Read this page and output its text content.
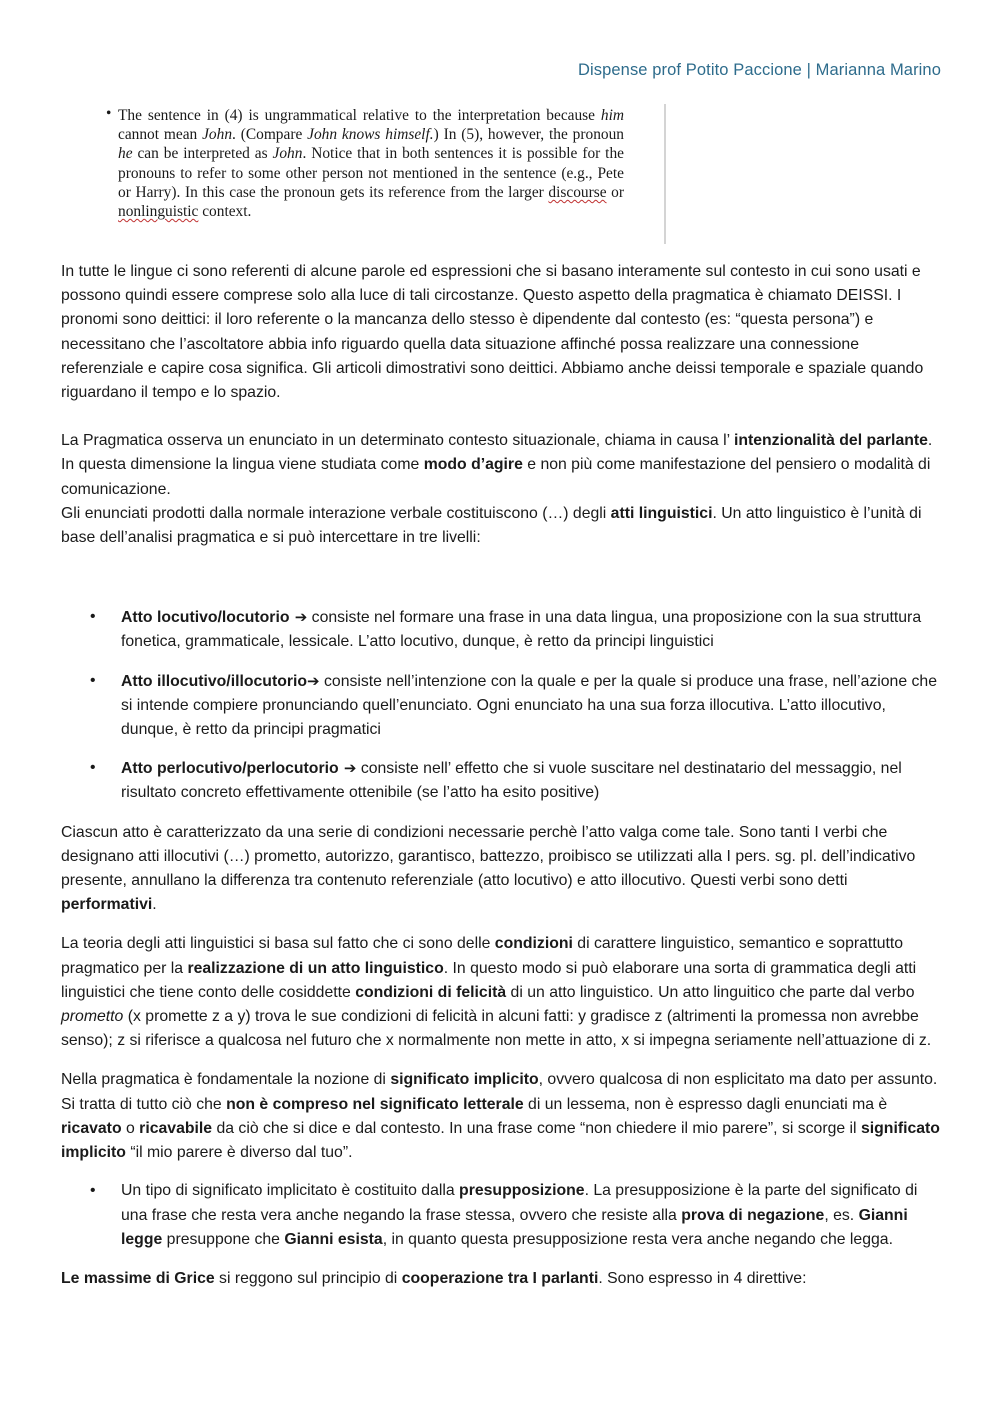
Dispense prof Potito Paccione | Marianna Marino
• The sentence in (4) is ungrammatical relative to the interpretation because him cannot mean John. (Compare John knows himself.) In (5), however, the pronoun he can be interpreted as John. Notice that in both sentences it is possible for the pronouns to refer to some other person not mentioned in the sentence (e.g., Pete or Harry). In this case the pronoun gets its reference from the larger discourse or nonlinguistic context.

In tutte le lingue ci sono referenti di alcune parole ed espressioni che si basano interamente sul contesto in cui sono usati e possono quindi essere comprese solo alla luce di tali circostanze. Questo aspetto della pragmatica è chiamato DEISSI. I pronomi sono deittici: il loro referente o la mancanza dello stesso è dipendente dal contesto (es: “questa persona”) e necessitano che l’ascoltatore abbia info riguardo quella data situazione affinché possa realizzare una connessione referenziale e capire cosa significa. Gli articoli dimostrativi sono deittici. Abbiamo anche deissi temporale e spaziale quando riguardano il tempo e lo spazio.

La Pragmatica osserva un enunciato in un determinato contesto situazionale, chiama in causa l’ intenzionalità del parlante. In questa dimensione la lingua viene studiata come modo d’agire e non più come manifestazione del pensiero o modalità di comunicazione.

Gli enunciati prodotti dalla normale interazione verbale costituiscono (…) degli atti linguistici. Un atto linguistico è l’unità di base dell’analisi pragmatica e si può intercettare in tre livelli:

• Atto locutivo/locutorio ➔ consiste nel formare una frase in una data lingua, una proposizione con la sua struttura fonetica, grammaticale, lessicale. L’atto locutivo, dunque, è retto da principi linguistici
• Atto illocutivo/illocutorio➔ consiste nell’intenzione con la quale e per la quale si produce una frase, nell’azione che si intende compiere pronunciando quell’enunciato. Ogni enunciato ha una sua forza illocutiva. L’atto illocutivo, dunque, è retto da principi pragmatici
• Atto perlocutivo/perlocutorio ➔ consiste nell’ effetto che si vuole suscitare nel destinatario del messaggio, nel risultato concreto effettivamente ottenibile (se l’atto ha esito positive)

Ciascun atto è caratterizzato da una serie di condizioni necessarie perchè l’atto valga come tale. Sono tanti I verbi che designano atti illocutivi (…) prometto, autorizzo, garantisco, battezzo, proibisco se utilizzati alla I pers. sg. pl. dell’indicativo presente, annullano la differenza tra contenuto referenziale (atto locutivo) e atto illocutivo. Questi verbi sono detti performativi.

La teoria degli atti linguistici si basa sul fatto che ci sono delle condizioni di carattere linguistico, semantico e soprattutto pragmatico per la realizzazione di un atto linguistico. In questo modo si può elaborare una sorta di grammatica degli atti linguistici che tiene conto delle cosiddette condizioni di felicità di un atto linguistico. Un atto linguitico che parte dal verbo prometto (x promette z a y) trova le sue condizioni di felicità in alcuni fatti: y gradisce z (altrimenti la promessa non avrebbe senso); z si riferisce a qualcosa nel futuro che x normalmente non mette in atto, x si impegna seriamente nell’attuazione di z.

Nella pragmatica è fondamentale la nozione di significato implicito, ovvero qualcosa di non esplicitato ma dato per assunto. Si tratta di tutto ciò che non è compreso nel significato letterale di un lessema, non è espresso dagli enunciati ma è ricavato o ricavabile da ciò che si dice e dal contesto. In una frase come “non chiedere il mio parere”, si scorge il significato implicito “il mio parere è diverso dal tuo”.

• Un tipo di significato implicitato è costituito dalla presupposizione. La presupposizione è la parte del significato di una frase che resta vera anche negando la frase stessa, ovvero che resiste alla prova di negazione, es. Gianni legge presuppone che Gianni esista, in quanto questa presupposizione resta vera anche negando che legga.

Le massime di Grice si reggono sul principio di cooperazione tra I parlanti. Sono espresso in 4 direttive:
